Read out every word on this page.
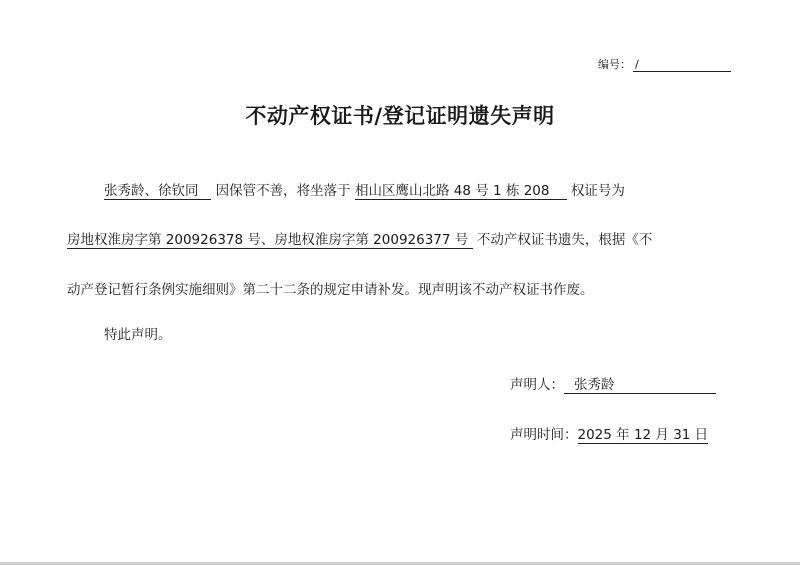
编号： /
不动产权证书/登记证明遗失声明
张秀龄、徐钦同 因保管不善，将坐落于 相山区鹰山北路 48 号 1 栋 208 权证号为
房地权淮房字第 200926378 号、房地权淮房字第 200926377 号 不动产权证书遗失，根据《不
动产登记暂行条例实施细则》第二十二条的规定申请补发。现声明该不动产权证书作废。
特此声明。
声明人： 张秀龄
声明时间：2025 年 12 月 31 日
